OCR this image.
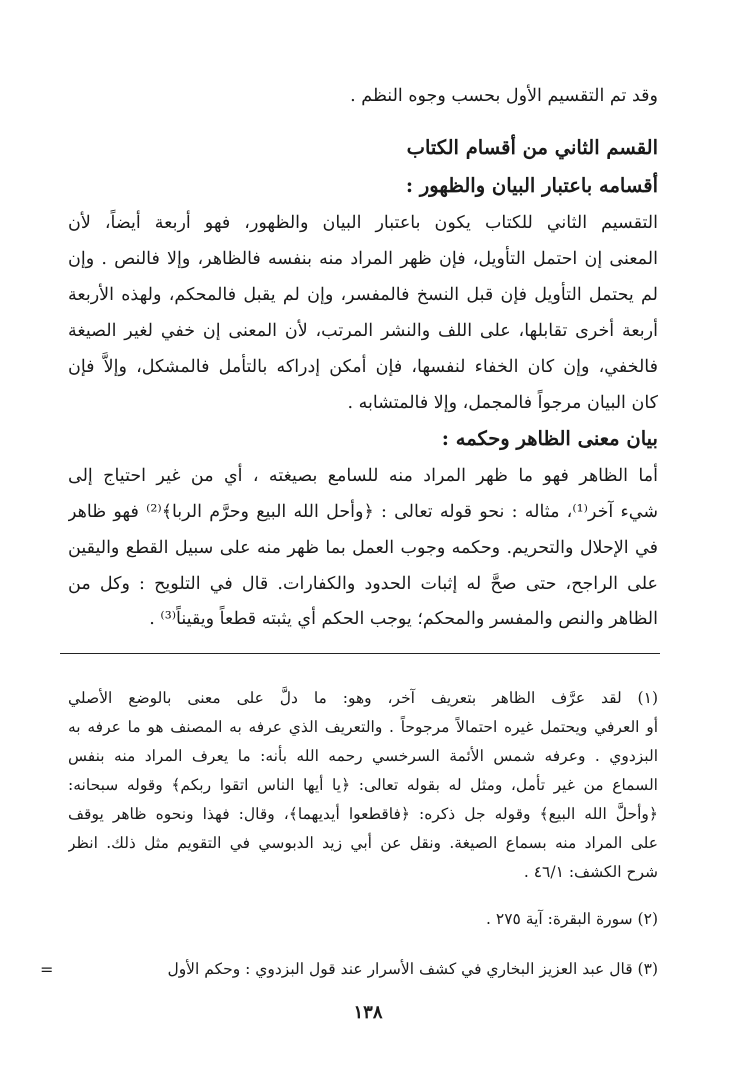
وقد تم التقسيم الأول بحسب وجوه النظم .
القسم الثاني من أقسام الكتاب
أقسامه باعتبار البيان والظهور :
التقسيم الثاني للكتاب يكون باعتبار البيان والظهور، فهو أربعة أيضاً، لأن
المعنى إن احتمل التأويل، فإن ظهر المراد منه بنفسه فالظاهر، وإلا فالنص . وإن
لم يحتمل التأويل فإن قبل النسخ فالمفسر، وإن لم يقبل فالمحكم، ولهذه الأربعة
أربعة أخرى تقابلها، على اللف والنشر المرتب، لأن المعنى إن خفي لغير الصيغة
فالخفي، وإن كان الخفاء لنفسها، فإن أمكن إدراكه بالتأمل فالمشكل، وإلاَّ فإن
كان البيان مرجواً فالمجمل، وإلا فالمتشابه .
بيان معنى الظاهر وحكمه :
أما الظاهر فهو ما ظهر المراد منه للسامع بصيغته ، أي من غير احتياج إلى
شيء آخر⁽¹⁾، مثاله : نحو قوله تعالى : ﴿وأحل الله البيع وحرَّم الربا﴾⁽²⁾ فهو ظاهر
في الإحلال والتحريم. وحكمه وجوب العمل بما ظهر منه على سبيل القطع واليقين
على الراجح، حتى صحَّ له إثبات الحدود والكفارات. قال في التلويح : وكل من
الظاهر والنص والمفسر والمحكم؛ يوجب الحكم أي يثبته قطعاً ويقيناً⁽³⁾ .
(١) لقد عرَّف الظاهر بتعريف آخر، وهو: ما دلَّ على معنى بالوضع الأصلي
أو العرفي ويحتمل غيره احتمالاً مرجوحاً . والتعريف الذي عرفه به المصنف هو ما عرفه به
البزدوي . وعرفه شمس الأئمة السرخسي رحمه الله بأنه: ما يعرف المراد منه بنفس
السماع من غير تأمل، ومثل له بقوله تعالى: ﴿يا أيها الناس اتقوا ربكم﴾ وقوله سبحانه:
﴿وأحلَّ الله البيع﴾ وقوله جل ذكره: ﴿فاقطعوا أيديهما﴾، وقال: فهذا ونحوه ظاهر يوقف
على المراد منه بسماع الصيغة. ونقل عن أبي زيد الدبوسي في التقويم مثل ذلك. انظر
شرح الكشف: ٤٦/١ .
(٢) سورة البقرة: آية ٢٧٥ .
(٣) قال عبد العزيز البخاري في كشف الأسرار عند قول البزدوي : وحكم الأول
=
١٣٨
